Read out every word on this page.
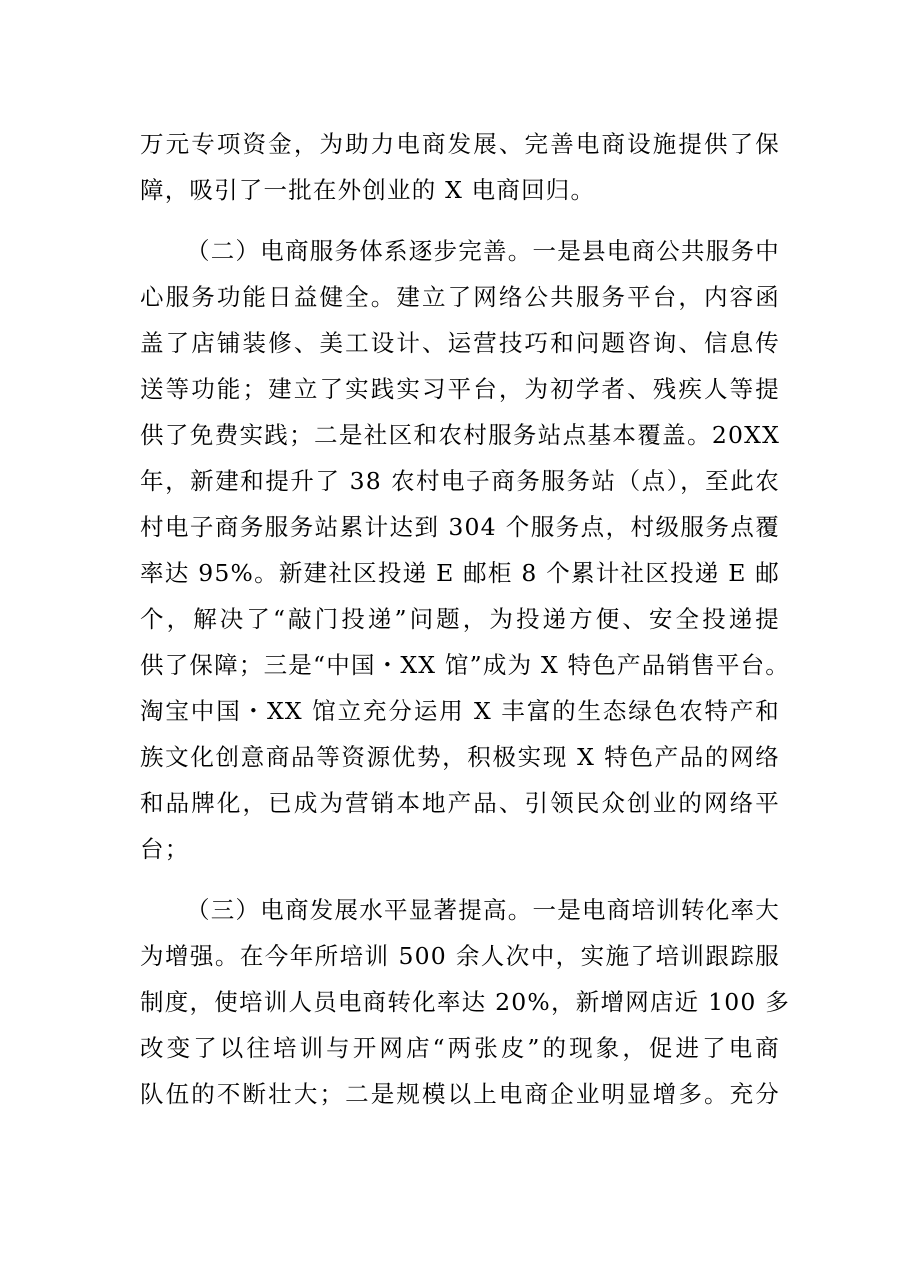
万元专项资金，为助力电商发展、完善电商设施提供了保
障，吸引了一批在外创业的 X 电商回归。
（二）电商服务体系逐步完善。一是县电商公共服务中
心服务功能日益健全。建立了网络公共服务平台，内容函
盖了店铺装修、美工设计、运营技巧和问题咨询、信息传
送等功能；建立了实践实习平台，为初学者、残疾人等提
供了免费实践；二是社区和农村服务站点基本覆盖。20XX
年，新建和提升了 38 农村电子商务服务站（点），至此农
村电子商务服务站累计达到 304 个服务点，村级服务点覆
率达 95%。新建社区投递 E 邮柜 8 个累计社区投递 E 邮
个，解决了“敲门投递”问题，为投递方便、安全投递提
供了保障；三是“中国・XX 馆”成为 X 特色产品销售平台。
淘宝中国・XX 馆立充分运用 X 丰富的生态绿色农特产和
族文化创意商品等资源优势，积极实现 X 特色产品的网络
和品牌化，已成为营销本地产品、引领民众创业的网络平
台；
（三）电商发展水平显著提高。一是电商培训转化率大
为增强。在今年所培训 500 余人次中，实施了培训跟踪服
制度，使培训人员电商转化率达 20%，新增网店近 100 多
改变了以往培训与开网店“两张皮”的现象，促进了电商
队伍的不断壮大；二是规模以上电商企业明显增多。充分
